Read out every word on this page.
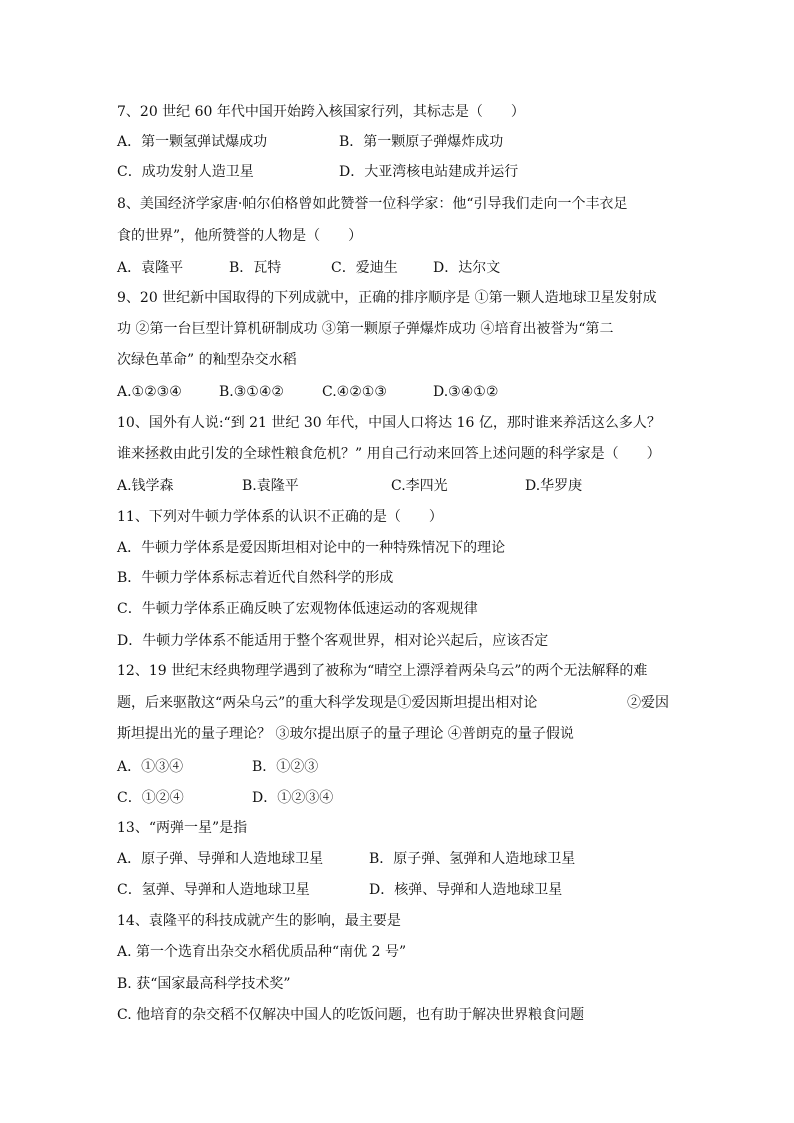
7、20 世纪 60 年代中国开始跨入核国家行列，其标志是（　　）

A．第一颗氢弹试爆成功

	B．第一颗原子弹爆炸成功

C．成功发射人造卫星

	D．大亚湾核电站建成并运行

8、美国经济学家唐·帕尔伯格曾如此赞誉一位科学家：他“引导我们走向一个丰衣足
食的世界”，他所赞誉的人物是（　　）

A．袁隆平

	B．瓦特

	C．爱迪生

	D．达尔文

9、20 世纪新中国取得的下列成就中，正确的排序顺序是 ①第一颗人造地球卫星发射成
功 ②第一台巨型计算机研制成功 ③第一颗原子弹爆炸成功 ④培育出被誉为“第二
次绿色革命” 的籼型杂交水稻

A.①②③④

	B.③①④②

	C.④②①③

	D.③④①②

10、国外有人说:“到 21 世纪 30 年代，中国人口将达 16 亿，那时谁来养活这么多人？
谁来拯救由此引发的全球性粮食危机？” 用自己行动来回答上述问题的科学家是（　　）

A.钱学森

	B.袁隆平

	C.李四光

	D.华罗庚

11、下列对牛顿力学体系的认识不正确的是（　　）
A．牛顿力学体系是爱因斯坦相对论中的一种特殊情况下的理论
B．牛顿力学体系标志着近代自然科学的形成
C．牛顿力学体系正确反映了宏观物体低速运动的客观规律
D．牛顿力学体系不能适用于整个客观世界，相对论兴起后，应该否定
12、19 世纪末经典物理学遇到了被称为“晴空上漂浮着两朵乌云”的两个无法解释的难

题，后来驱散这“两朵乌云”的重大科学发现是①爱因斯坦提出相对论

	②爱因

斯坦提出光的量子理论？ ③玻尔提出原子的量子理论 ④普朗克的量子假说

A．①③④

	B．①②③

C．①②④

	D．①②③④

13、“两弹一星”是指

A．原子弹、导弹和人造地球卫星

	B．原子弹、氢弹和人造地球卫星

C．氢弹、导弹和人造地球卫星

	D．核弹、导弹和人造地球卫星

14、袁隆平的科技成就产生的影响，最主要是
A. 第一个选育出杂交水稻优质品种“南优 2 号”
B. 获“国家最高科学技术奖”
C. 他培育的杂交稻不仅解决中国人的吃饭问题，也有助于解决世界粮食问题
